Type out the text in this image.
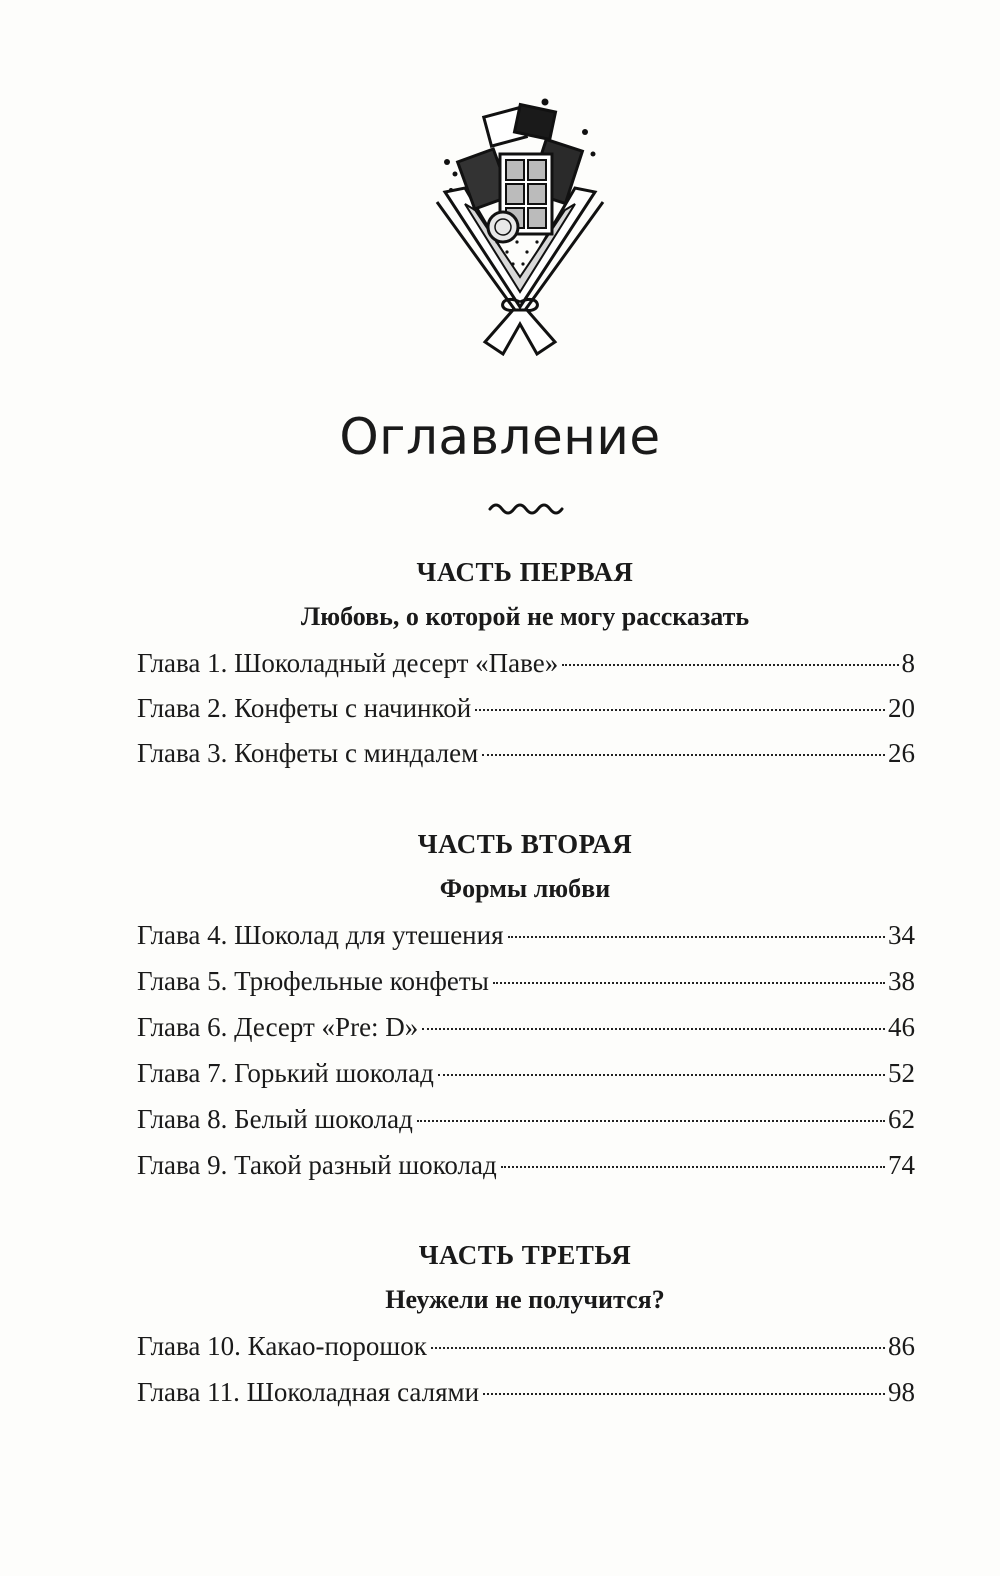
Оглавление
ЧАСТЬ ПЕРВАЯ
Любовь, о которой не могу рассказать
Глава 1. Шоколадный десерт «Паве»	8
Глава 2. Конфеты с начинкой	20
Глава 3. Конфеты с миндалем	26
ЧАСТЬ ВТОРАЯ
Формы любви
Глава 4. Шоколад для утешения	34
Глава 5. Трюфельные конфеты	38
Глава 6. Десерт «Pre: D»	46
Глава 7. Горький шоколад	52
Глава 8. Белый шоколад	62
Глава 9. Такой разный шоколад	74
ЧАСТЬ ТРЕТЬЯ
Неужели не получится?
Глава 10. Какао-порошок	86
Глава 11. Шоколадная салями	98
